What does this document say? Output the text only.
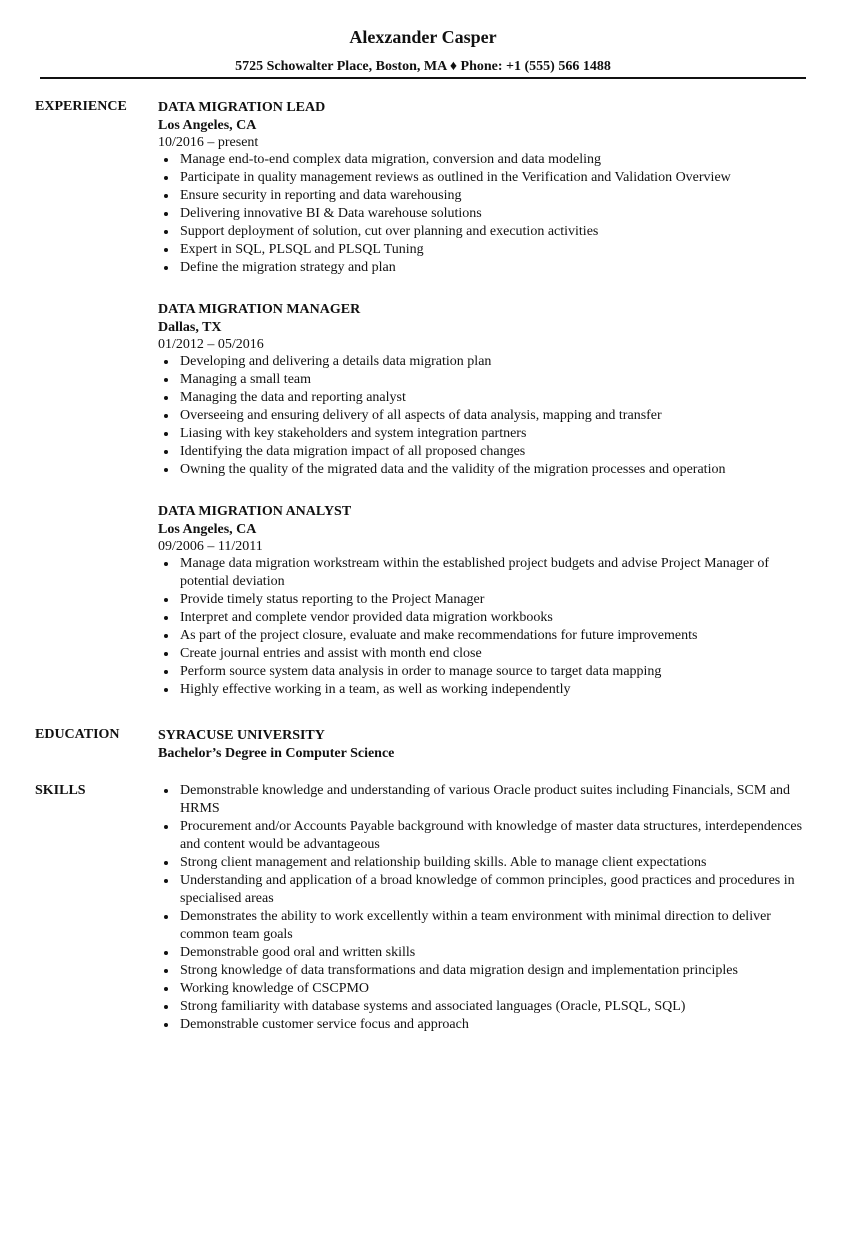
Alexzander Casper
5725 Schowalter Place, Boston, MA ♦ Phone: +1 (555) 566 1488
EXPERIENCE DATA MIGRATION LEAD
Los Angeles, CA
10/2016 – present
Manage end-to-end complex data migration, conversion and data modeling
Participate in quality management reviews as outlined in the Verification and Validation Overview
Ensure security in reporting and data warehousing
Delivering innovative BI & Data warehouse solutions
Support deployment of solution, cut over planning and execution activities
Expert in SQL, PLSQL and PLSQL Tuning
Define the migration strategy and plan
DATA MIGRATION MANAGER
Dallas, TX
01/2012 – 05/2016
Developing and delivering a details data migration plan
Managing a small team
Managing the data and reporting analyst
Overseeing and ensuring delivery of all aspects of data analysis, mapping and transfer
Liasing with key stakeholders and system integration partners
Identifying the data migration impact of all proposed changes
Owning the quality of the migrated data and the validity of the migration processes and operation
DATA MIGRATION ANALYST
Los Angeles, CA
09/2006 – 11/2011
Manage data migration workstream within the established project budgets and advise Project Manager of potential deviation
Provide timely status reporting to the Project Manager
Interpret and complete vendor provided data migration workbooks
As part of the project closure, evaluate and make recommendations for future improvements
Create journal entries and assist with month end close
Perform source system data analysis in order to manage source to target data mapping
Highly effective working in a team, as well as working independently
EDUCATION	SYRACUSE UNIVERSITY
Bachelor’s Degree in Computer Science
SKILLS	Demonstrable knowledge and understanding of various Oracle product suites including Financials, SCM and HRMS
Procurement and/or Accounts Payable background with knowledge of master data structures, interdependences and content would be advantageous
Strong client management and relationship building skills. Able to manage client expectations
Understanding and application of a broad knowledge of common principles, good practices and procedures in specialised areas
Demonstrates the ability to work excellently within a team environment with minimal direction to deliver common team goals
Demonstrable good oral and written skills
Strong knowledge of data transformations and data migration design and implementation principles
Working knowledge of CSCPMO
Strong familiarity with database systems and associated languages (Oracle, PLSQL, SQL)
Demonstrable customer service focus and approach
